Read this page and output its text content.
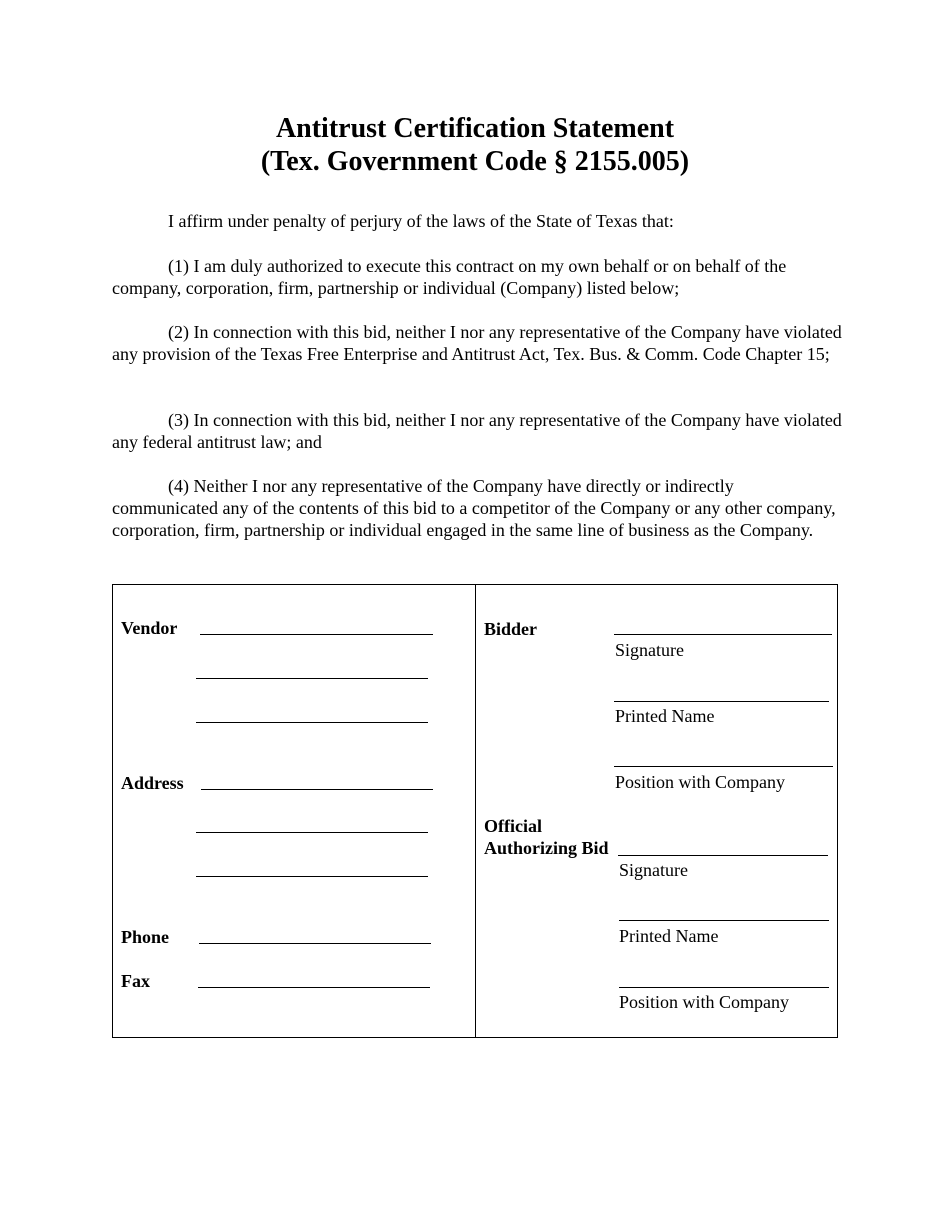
Antitrust Certification Statement
(Tex. Government Code § 2155.005)

I affirm under penalty of perjury of the laws of the State of Texas that:

(1) I am duly authorized to execute this contract on my own behalf or on behalf of the company, corporation, firm, partnership or individual (Company) listed below;

(2) In connection with this bid, neither I nor any representative of the Company have violated any provision of the Texas Free Enterprise and Antitrust Act, Tex. Bus. & Comm. Code Chapter 15;

(3) In connection with this bid, neither I nor any representative of the Company have violated any federal antitrust law; and

(4) Neither I nor any representative of the Company have directly or indirectly communicated any of the contents of this bid to a competitor of the Company or any other company, corporation, firm, partnership or individual engaged in the same line of business as the Company.

Vendor
Address
Phone
Fax
Bidder
Signature
Printed Name
Position with Company
Official
Authorizing Bid
Signature
Printed Name
Position with Company
